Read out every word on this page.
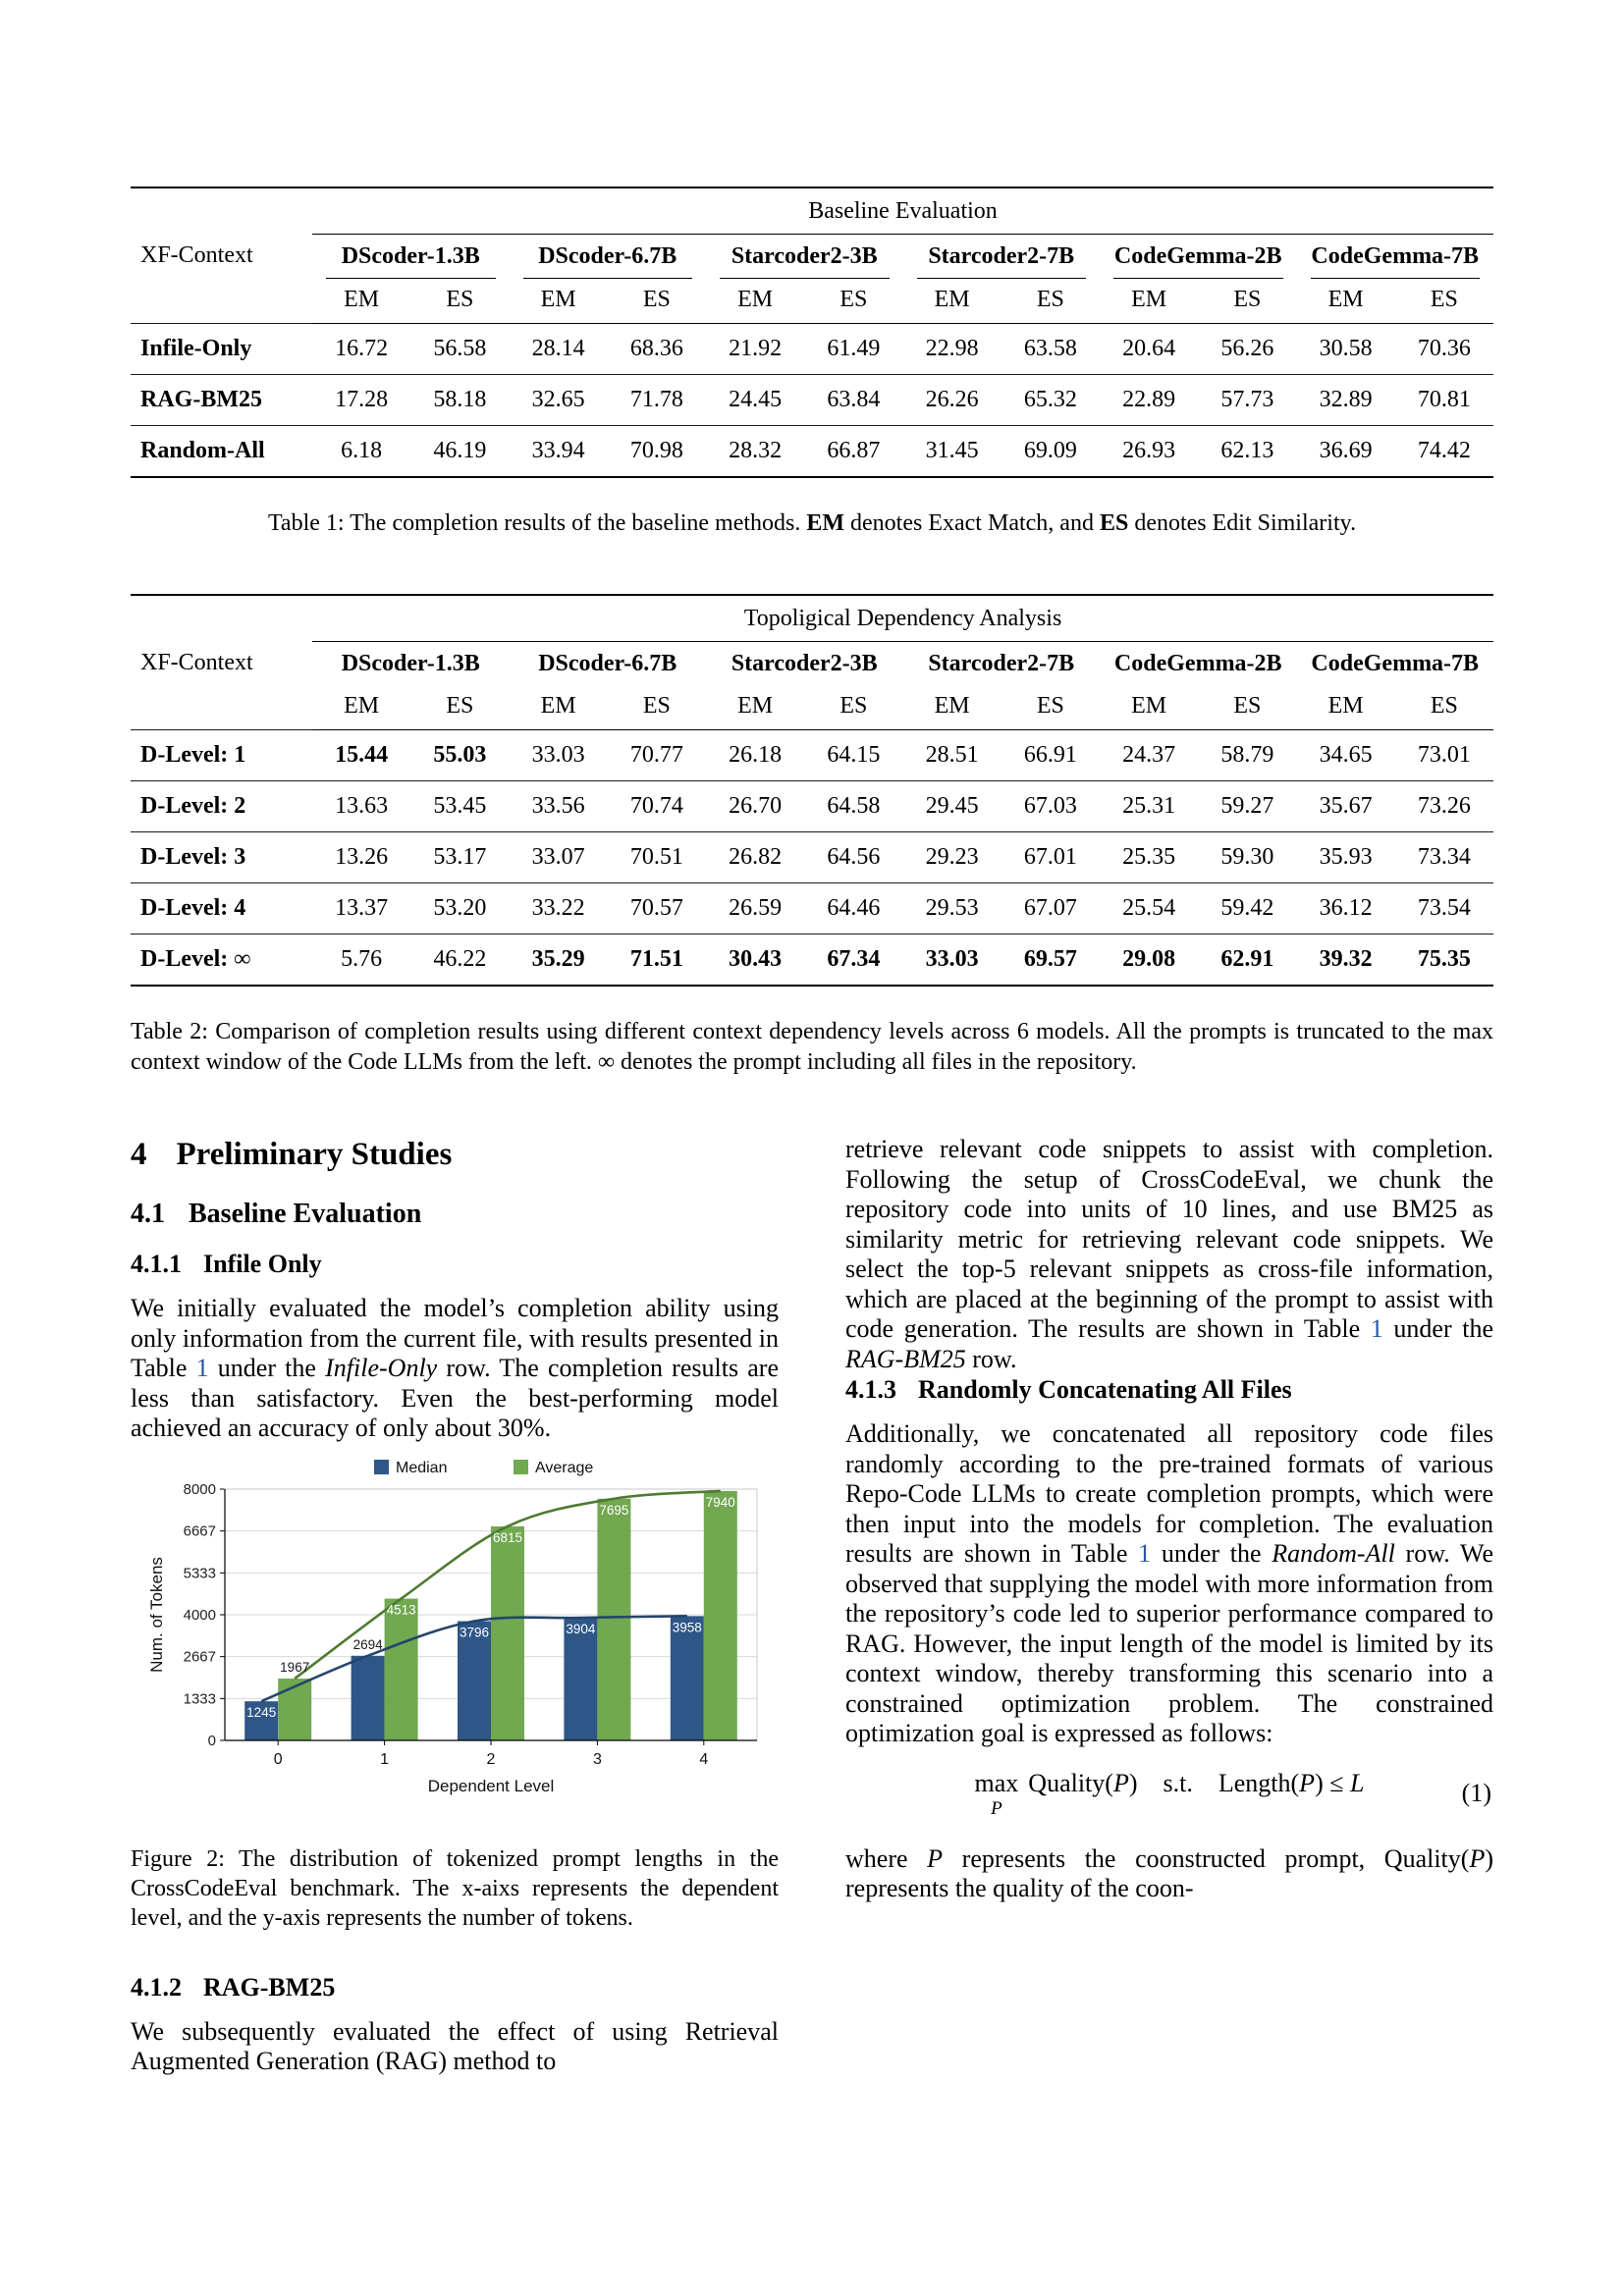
XF-Context	Baseline Evaluation											

	DScoder-1.3B		DScoder-6.7B		Starcoder2-3B		Starcoder2-7B		CodeGemma-2B		CodeGemma-7B	

	EM	ES	EM	ES	EM	ES	EM	ES	EM	ES	EM	ES
Infile-Only	16.72	56.58	28.14	68.36	21.92	61.49	22.98	63.58	20.64	56.26	30.58	70.36
RAG-BM25	17.28	58.18	32.65	71.78	24.45	63.84	26.26	65.32	22.89	57.73	32.89	70.81
Random-All	6.18	46.19	33.94	70.98	28.32	66.87	31.45	69.09	26.93	62.13	36.69	74.42

Table 1: The completion results of the baseline methods. EM denotes Exact Match, and ES denotes Edit Similarity.

XF-Context	Topoligical Dependency Analysis											

	DScoder-1.3B		DScoder-6.7B		Starcoder2-3B		Starcoder2-7B		CodeGemma-2B		CodeGemma-7B	

	EM	ES	EM	ES	EM	ES	EM	ES	EM	ES	EM	ES
D-Level: 1	15.44	55.03	33.03	70.77	26.18	64.15	28.51	66.91	24.37	58.79	34.65	73.01
D-Level: 2	13.63	53.45	33.56	70.74	26.70	64.58	29.45	67.03	25.31	59.27	35.67	73.26
D-Level: 3	13.26	53.17	33.07	70.51	26.82	64.56	29.23	67.01	25.35	59.30	35.93	73.34
D-Level: 4	13.37	53.20	33.22	70.57	26.59	64.46	29.53	67.07	25.54	59.42	36.12	73.54
D-Level: ∞	5.76	46.22	35.29	71.51	30.43	67.34	33.03	69.57	29.08	62.91	39.32	75.35

Table 2: Comparison of completion results using different context dependency levels across 6 models. All the prompts is truncated to the max context window of the Code LLMs from the left. ∞ denotes the prompt including all files in the repository.

4 Preliminary Studies
4.1 Baseline Evaluation
4.1.1 Infile Only

We initially evaluated the model’s completion ability using only information from the current file, with results presented in Table 1 under the Infile-Only row. The completion results are less than satisfactory. Even the best-performing model achieved an accuracy of only about 30%.

0
1333
2667
4000
5333
6667
8000
1245
2694
3796	3904	3958
1967
4513
6815
7695
7940
0	1	2	3	4
Dependent Level
Num. of Tokens
Median	Average
Figure 2: The distribution of tokenized prompt lengths in the CrossCodeEval benchmark. The x-aixs represents the dependent level, and the y-axis represents the number of tokens.
4.1.2 RAG-BM25

We subsequently evaluated the effect of using Retrieval Augmented Generation (RAG) method to

retrieve relevant code snippets to assist with completion. Following the setup of CrossCodeEval, we chunk the repository code into units of 10 lines, and use BM25 as similarity metric for retrieving relevant code snippets. We select the top-5 relevant snippets as cross-file information, which are placed at the beginning of the prompt to assist with code generation. The results are shown in Table 1 under the RAG-BM25 row.

4.1.3 Randomly Concatenating All Files

Additionally, we concatenated all repository code files randomly according to the pre-trained formats of various Repo-Code LLMs to create completion prompts, which were then input into the models for completion. The evaluation results are shown in Table 1 under the Random-All row. We observed that supplying the model with more information from the repository’s code led to superior performance compared to RAG. However, the input length of the model is limited by its context window, thereby transforming this scenario into a constrained optimization problem. The constrained optimization goal is expressed as follows:

max
P
Quality(P) s.t. Length(P) ≤ L	(1)

where P represents the coonstructed prompt, Quality(P) represents the quality of the coon-
